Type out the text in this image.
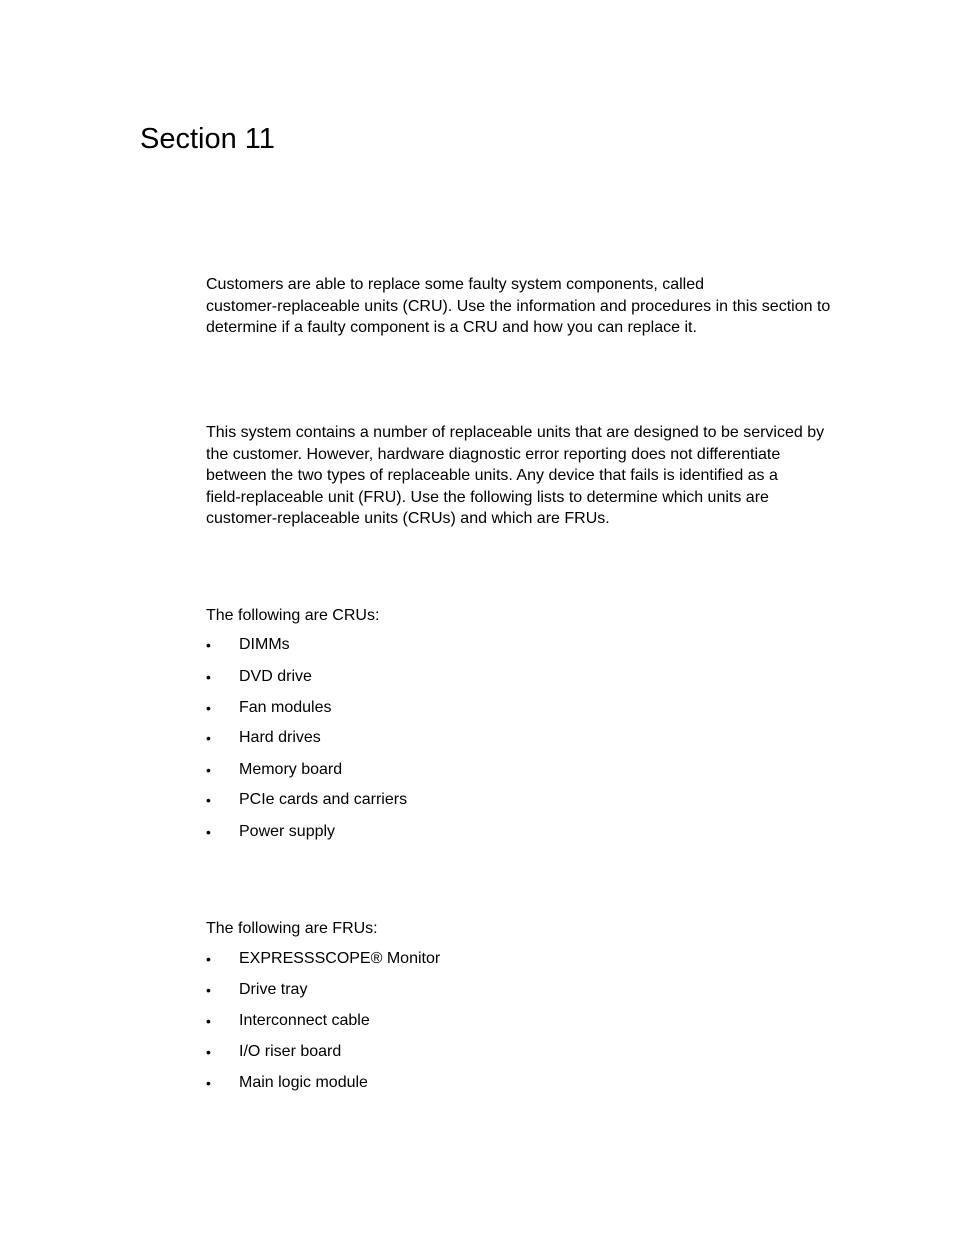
Section 11

Customers are able to replace some faulty system components, called
customer-replaceable units (CRU). Use the information and procedures in this section to
determine if a faulty component is a CRU and how you can replace it.

This system contains a number of replaceable units that are designed to be serviced by
the customer. However, hardware diagnostic error reporting does not differentiate
between the two types of replaceable units. Any device that fails is identified as a
field-replaceable unit (FRU). Use the following lists to determine which units are
customer-replaceable units (CRUs) and which are FRUs.

The following are CRUs:

•	DIMMs
•	DVD drive
•	Fan modules
•	Hard drives
•	Memory board
•	PCIe cards and carriers
•	Power supply

The following are FRUs:

•	EXPRESSSCOPE® Monitor
•	Drive tray
•	Interconnect cable
•	I/O riser board
•	Main logic module
